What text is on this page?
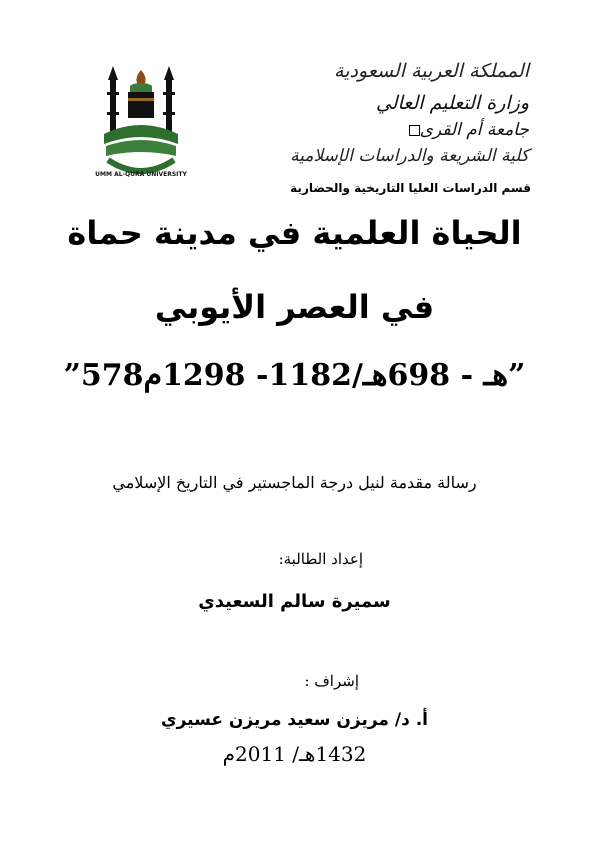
UMM AL-QURA UNIVERSITY
المملكة العربية السعودية
وزارة التعليم العالي
جامعة أم القرى
كلية الشريعة والدراسات الإسلامية
قسم الدراسات العليا التاريخية والحضارية
الحياة العلمية في مدينة حماة
في العصر الأيوبي
”578هـ - 698هـ/1182- 1298م”
رسالة مقدمة لنيل درجة الماجستير في التاريخ الإسلامي
إعداد الطالبة:
سميرة سالم السعيدي
إشراف :
أ. د/ مريزن سعيد مريزن عسيري
1432هـ/ 2011م
